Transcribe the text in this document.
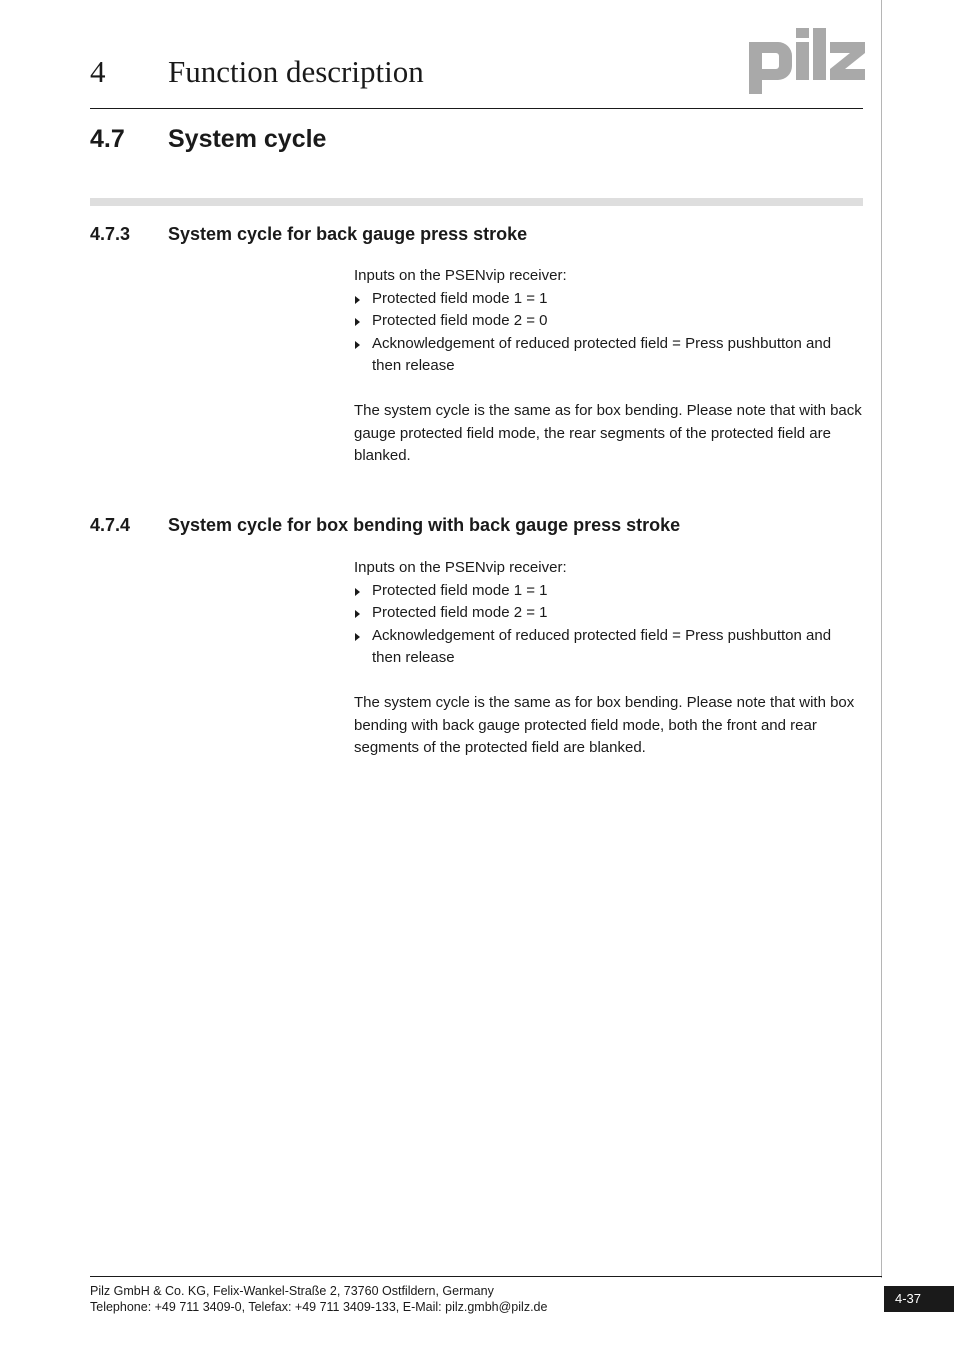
4 Function description
4.7 System cycle
4.7.3 System cycle for back gauge press stroke

Inputs on the PSENvip receiver:

Protected field mode 1 = 1
Protected field mode 2 = 0
Acknowledgement of reduced protected field = Press pushbutton and then release

The system cycle is the same as for box bending. Please note that with back gauge protected field mode, the rear segments of the protected field are blanked.

4.7.4 System cycle for box bending with back gauge press stroke

Inputs on the PSENvip receiver:

Protected field mode 1 = 1
Protected field mode 2 = 1
Acknowledgement of reduced protected field = Press pushbutton and then release

The system cycle is the same as for box bending. Please note that with box bending with back gauge protected field mode, both the front and rear segments of the protected field are blanked.

Pilz GmbH & Co. KG, Felix-Wankel-Straße 2, 73760 Ostfildern, Germany
Telephone: +49 711 3409-0, Telefax: +49 711 3409-133, E-Mail: pilz.gmbh@pilz.de
4-37
